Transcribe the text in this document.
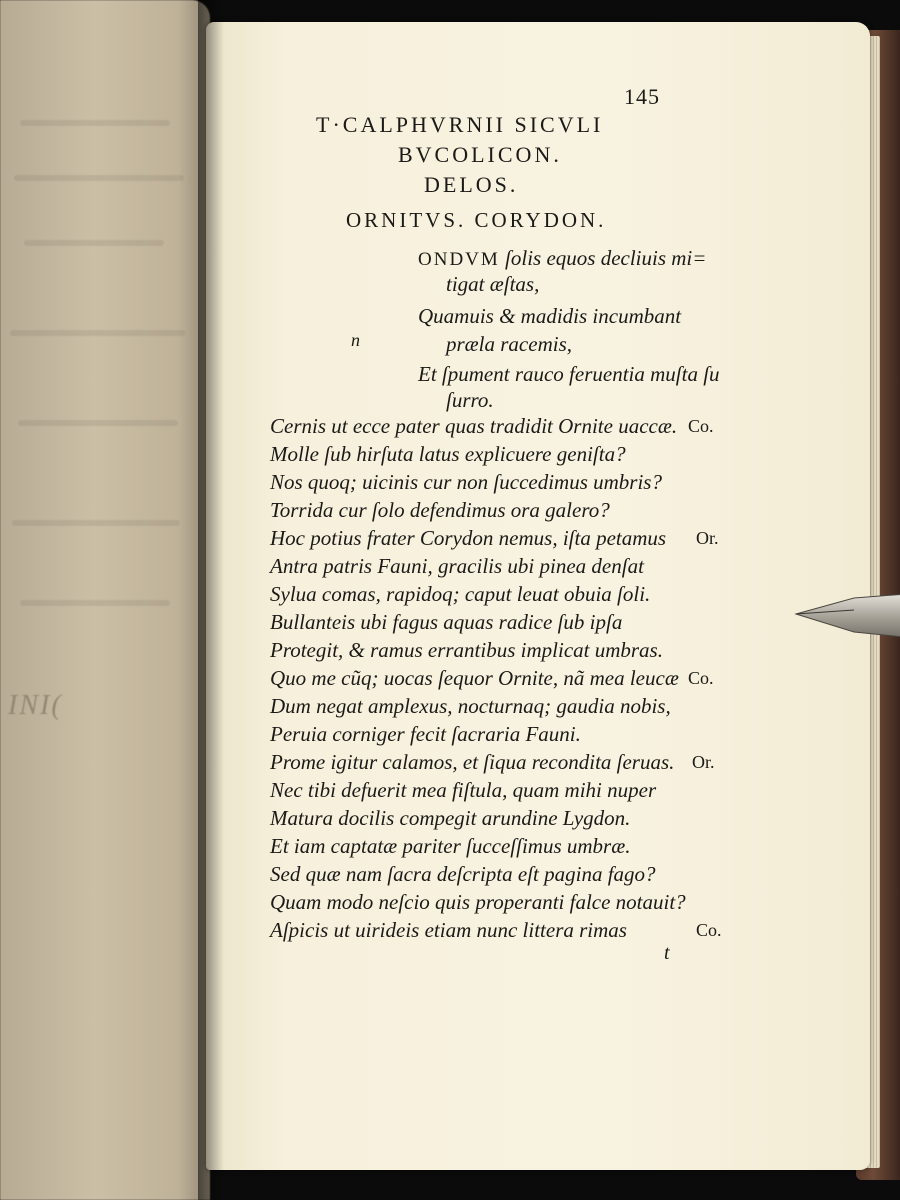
INI(
145
T·CALPHVRNII SICVLI
BVCOLICON.
DELOS.
ORNITVS. CORYDON.
n
ONDVM ſolis equos decliuis mi=
tigat æſtas,
Quamuis & madidis incumbant
præla racemis,
Et ſpument rauco feruentia muſta ſu
ſurro.
Cernis ut ecce pater quas tradidit Ornite uaccæ. Co.
Molle ſub hirſuta latus explicuere geniſta?
Nos quoq; uicinis cur non ſuccedimus umbris?
Torrida cur ſolo defendimus ora galero?
Hoc potius frater Corydon nemus, iſta petamus Or.
Antra patris Fauni, gracilis ubi pinea denſat
Sylua comas, rapidoq; caput leuat obuia ſoli.
Bullanteis ubi fagus aquas radice ſub ipſa
Protegit, & ramus errantibus implicat umbras.
Quo me cũq; uocas ſequor Ornite, nã mea leucæ Co.
Dum negat amplexus, nocturnaq; gaudia nobis,
Peruia corniger fecit ſacraria Fauni.
Prome igitur calamos, et ſiqua recondita ſeruas. Or.
Nec tibi defuerit mea fiſtula, quam mihi nuper
Matura docilis compegit arundine Lygdon.
Et iam captatæ pariter ſucceſſimus umbræ.
Sed quæ nam ſacra deſcripta eſt pagina fago?
Quam modo neſcio quis properanti falce notauit?
Aſpicis ut uirideis etiam nunc littera rimas	Co.
t
